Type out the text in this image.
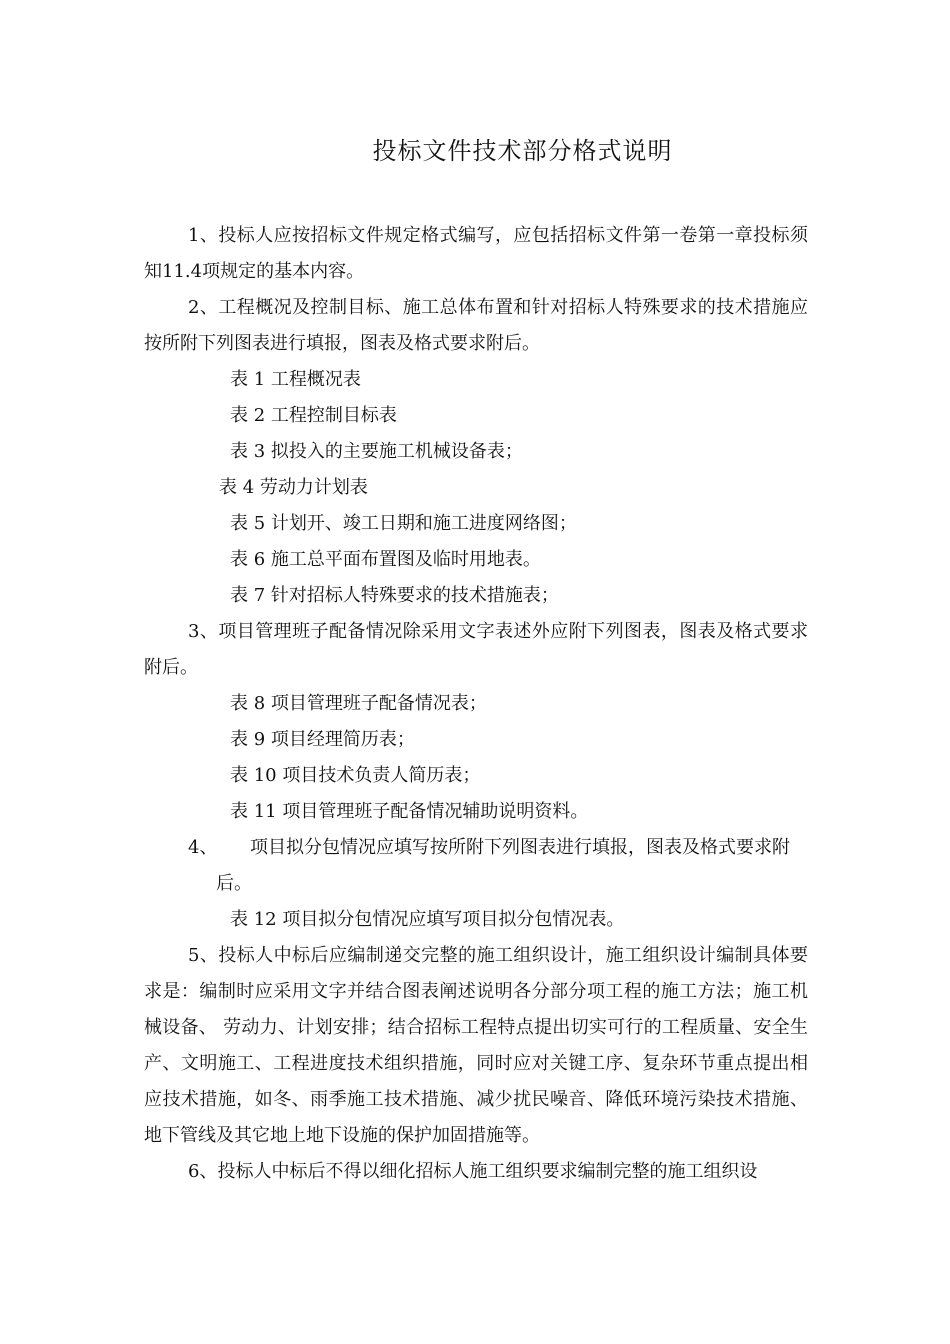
投标文件技术部分格式说明

1、投标人应按招标文件规定格式编写，应包括招标文件第一卷第一章投标须知11.4项规定的基本内容。

2、工程概况及控制目标、施工总体布置和针对招标人特殊要求的技术措施应按所附下列图表进行填报，图表及格式要求附后。

表 1 工程概况表

表 2 工程控制目标表

表 3 拟投入的主要施工机械设备表；

表 4 劳动力计划表

表 5 计划开、竣工日期和施工进度网络图；

表 6 施工总平面布置图及临时用地表。

表 7 针对招标人特殊要求的技术措施表；

3、项目管理班子配备情况除采用文字表述外应附下列图表，图表及格式要求附后。

表 8 项目管理班子配备情况表；

表 9 项目经理简历表；

表 10 项目技术负责人简历表；

表 11 项目管理班子配备情况辅助说明资料。

4、 项目拟分包情况应填写按所附下列图表进行填报，图表及格式要求附后。

表 12 项目拟分包情况应填写项目拟分包情况表。

5、投标人中标后应编制递交完整的施工组织设计，施工组织设计编制具体要求是：编制时应采用文字并结合图表阐述说明各分部分项工程的施工方法；施工机械设备、 劳动力、计划安排；结合招标工程特点提出切实可行的工程质量、安全生产、文明施工、工程进度技术组织措施，同时应对关键工序、复杂环节重点提出相应技术措施，如冬、雨季施工技术措施、减少扰民噪音、降低环境污染技术措施、地下管线及其它地上地下设施的保护加固措施等。

6、投标人中标后不得以细化招标人施工组织要求编制完整的施工组织设
